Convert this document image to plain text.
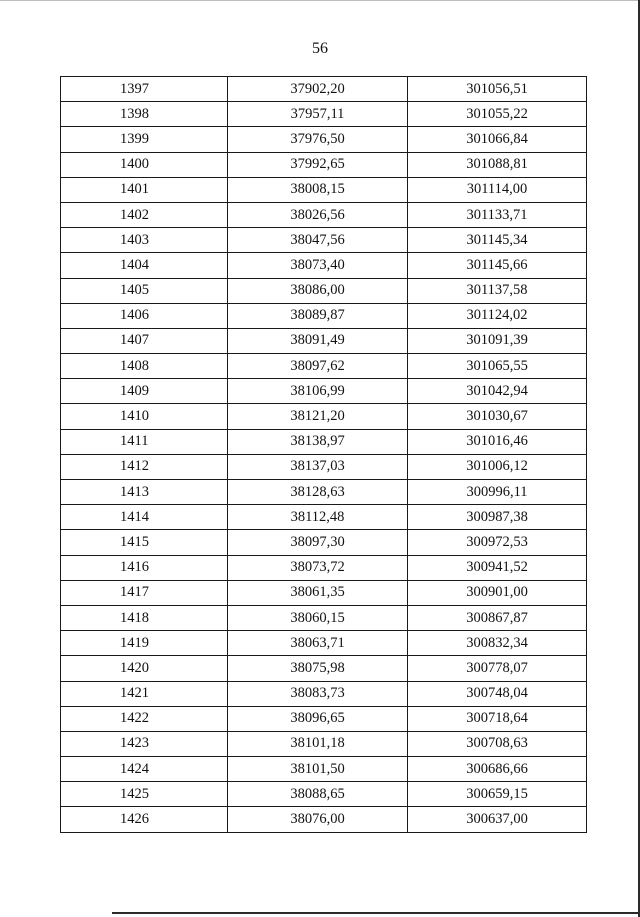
56
1397	37902,20	301056,51
1398	37957,11	301055,22
1399	37976,50	301066,84
1400	37992,65	301088,81
1401	38008,15	301114,00
1402	38026,56	301133,71
1403	38047,56	301145,34
1404	38073,40	301145,66
1405	38086,00	301137,58
1406	38089,87	301124,02
1407	38091,49	301091,39
1408	38097,62	301065,55
1409	38106,99	301042,94
1410	38121,20	301030,67
1411	38138,97	301016,46
1412	38137,03	301006,12
1413	38128,63	300996,11
1414	38112,48	300987,38
1415	38097,30	300972,53
1416	38073,72	300941,52
1417	38061,35	300901,00
1418	38060,15	300867,87
1419	38063,71	300832,34
1420	38075,98	300778,07
1421	38083,73	300748,04
1422	38096,65	300718,64
1423	38101,18	300708,63
1424	38101,50	300686,66
1425	38088,65	300659,15
1426	38076,00	300637,00
